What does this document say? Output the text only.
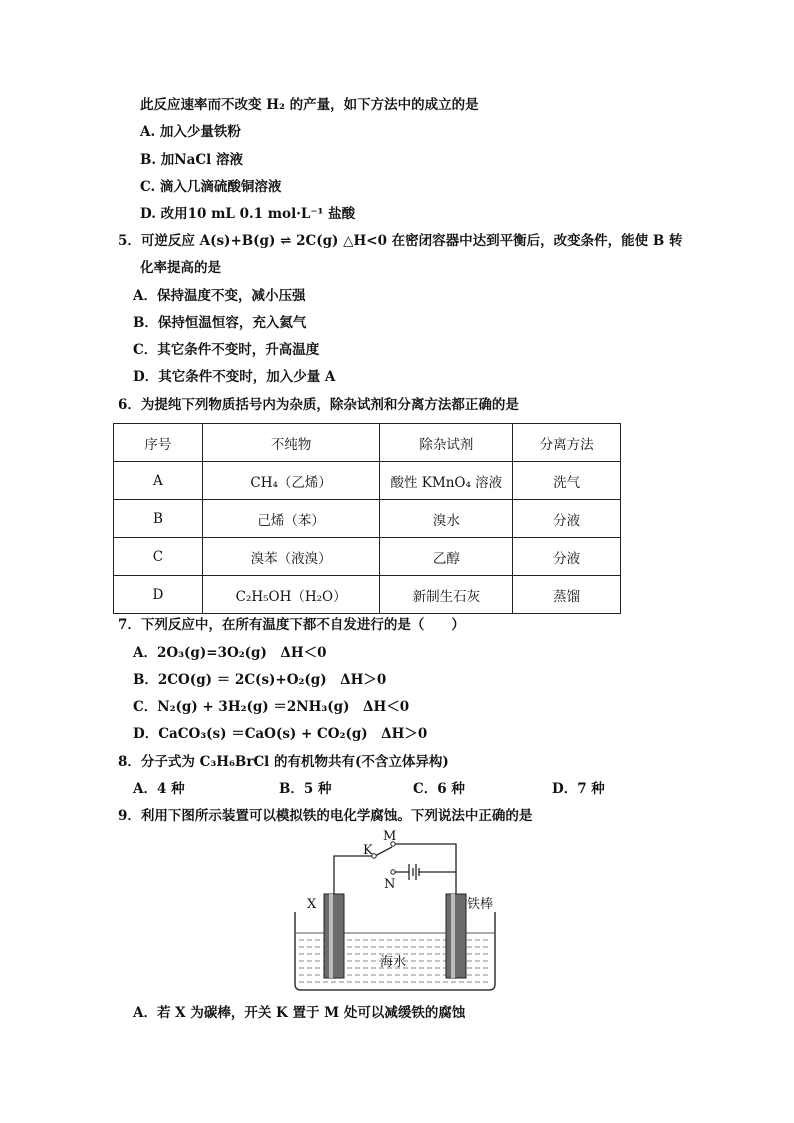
此反应速率而不改变 H₂ 的产量，如下方法中的成立的是
A. 加入少量铁粉
B. 加NaCl 溶液
C. 滴入几滴硫酸铜溶液
D. 改用10 mL 0.1 mol·L⁻¹ 盐酸
5．可逆反应 A(s)+B(g) ⇌ 2C(g) △H<0 在密闭容器中达到平衡后，改变条件，能使 B 转
化率提高的是
A．保持温度不变，减小压强
B．保持恒温恒容，充入氦气
C．其它条件不变时，升高温度
D．其它条件不变时，加入少量 A
6．为提纯下列物质括号内为杂质，除杂试剂和分离方法都正确的是
序号	不纯物	除杂试剂	分离方法
A	CH₄（乙烯）	酸性 KMnO₄ 溶液	洗气
B	己烯（苯）	溴水	分液
C	溴苯（液溴）	乙醇	分液
D	C₂H₅OH（H₂O）	新制生石灰	蒸馏
7．下列反应中，在所有温度下都不自发进行的是（　　）
A．2O₃(g)=3O₂(g)　ΔH＜0
B．2CO(g) ＝ 2C(s)+O₂(g)　ΔH＞0
C．N₂(g) + 3H₂(g) ＝2NH₃(g)　ΔH＜0
D．CaCO₃(s) ＝CaO(s) + CO₂(g)　ΔH＞0
8．分子式为 C₃H₆BrCl 的有机物共有(不含立体异构)
A．4 种	B．5 种	C．6 种	D．7 种
9．利用下图所示装置可以模拟铁的电化学腐蚀。下列说法中正确的是
M
K
N
X	铁棒
海水
A．若 X 为碳棒，开关 K 置于 M 处可以减缓铁的腐蚀
